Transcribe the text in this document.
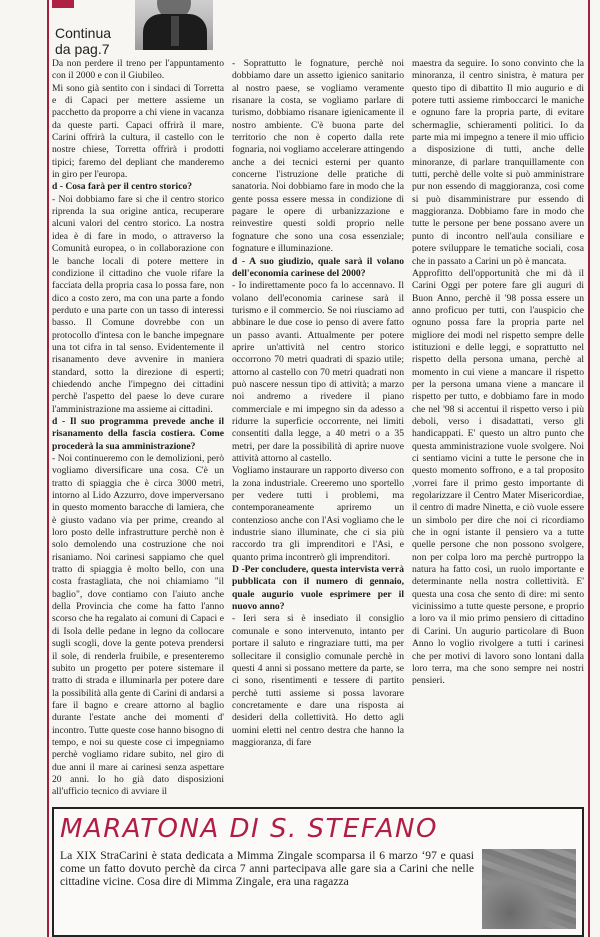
Continua
da pag.7

Da non perdere il treno per l'appuntamento con il 2000 e con il Giubileo.

Mi sono già sentito con i sindaci di Torretta e di Capaci per mettere assieme un pacchetto da proporre a chi viene in vacanza da queste parti. Capaci offrirà il mare, Carini offrirà la cultura, il castello con le nostre chiese, Torretta offrirà i prodotti tipici; faremo del depliant che manderemo in giro per l'europa.

d - Cosa farà per il centro storico?

- Noi dobbiamo fare si che il centro storico riprenda la sua origine antica, recuperare alcuni valori del centro storico. La nostra idea è di fare in modo, o attraverso la Comunità europea, o in collaborazione con le banche locali di potere mettere in condizione il cittadino che vuole rifare la facciata della propria casa lo possa fare, non dico a costo zero, ma con una parte a fondo perduto e una parte con un tasso di interessi basso. Il Comune dovrebbe con un protocollo d'intesa con le banche impegnare una tot cifra in tal senso. Evidentemente il risanamento deve avvenire in maniera standard, sotto la direzione di esperti; chiedendo anche l'impegno dei cittadini perchè l'aspetto del paese lo deve curare l'amministrazione ma assieme ai cittadini.

d - Il suo programma prevede anche il risanamento della fascia costiera. Come procederà la sua amministrazione?

- Noi continueremo con le demolizioni, però vogliamo diversificare una cosa. C'è un tratto di spiaggia che è circa 3000 metri, intorno al Lido Azzurro, dove imperversano in questo momento baracche di lamiera, che è giusto vadano via per prime, creando al loro posto delle infrastrutture perchè non è solo demolendo una costruzione che noi risaniamo. Noi carinesi sappiamo che quel tratto di spiaggia è molto bello, con una costa frastagliata, che noi chiamiamo "il baglio", dove contiamo con l'aiuto anche della Provincia che come ha fatto l'anno scorso che ha regalato ai comuni di Capaci e di Isola delle pedane in legno da collocare sugli scogli, dove la gente poteva prendersi il sole, di renderla fruibile, e presenteremo subito un progetto per potere sistemare il tratto di strada e illuminarla per potere dare la possibilità alla gente di Carini di andarsi a fare il bagno e creare attorno al baglio durante l'estate anche dei momenti d' incontro. Tutte queste cose hanno bisogno di tempo, e noi su queste cose ci impegniamo perchè vogliamo ridare subito, nel giro di due anni il mare ai carinesi senza aspettare 20 anni. Io ho già dato disposizioni all'ufficio tecnico di avviare il

- Soprattutto le fognature, perchè noi dobbiamo dare un assetto igienico sanitario al nostro paese, se vogliamo veramente risanare la costa, se vogliamo parlare di turismo, dobbiamo risanare igienicamente il nostro ambiente. C'è buona parte del territorio che non è coperto dalla rete fognaria, noi vogliamo accelerare attingendo anche a dei tecnici esterni per quanto concerne l'istruzione delle pratiche di sanatoria. Noi dobbiamo fare in modo che la gente possa essere messa in condizione di pagare le opere di urbanizzazione e reinvestire questi soldi proprio nelle fognature che sono una cosa essenziale; fognature e illuminazione.

d - A suo giudizio, quale sarà il volano dell'economia carinese del 2000?

- Io indirettamente poco fa lo accennavo. Il volano dell'economia carinese sarà il turismo e il commercio. Se noi riusciamo ad abbinare le due cose io penso di avere fatto un passo avanti. Attualmente per potere aprire un'attività nel centro storico occorrono 70 metri quadrati di spazio utile; attorno al castello con 70 metri quadrati non può nascere nessun tipo di attività; a marzo noi andremo a rivedere il piano commerciale e mi impegno sin da adesso a ridurre la superficie occorrente, nei limiti consentiti dalla legge, a 40 metri o a 35 metri, per dare la possibilità di aprire nuove attività attorno al castello.

Vogliamo instaurare un rapporto diverso con la zona industriale. Creeremo uno sportello per vedere tutti i problemi, ma contemporaneamente apriremo un contenzioso anche con l'Asi vogliamo che le industrie siano illuminate, che ci sia più raccordo tra gli imprenditori e l'Asi, e quanto prima incontrerò gli imprenditori.

D -Per concludere, questa intervista verrà pubblicata con il numero di gennaio, quale augurio vuole esprimere per il nuovo anno?

- Ieri sera si è insediato il consiglio comunale e sono intervenuto, intanto per portare il saluto e ringraziare tutti, ma per sollecitare il consiglio comunale perchè in questi 4 anni si possano mettere da parte, se ci sono, risentimenti e tessere di partito perchè tutti assieme si possa lavorare concretamente e dare una risposta ai desideri della collettività. Ho detto agli uomini eletti nel centro destra che hanno la maggioranza, di fare

maestra da seguire. Io sono convinto che la minoranza, il centro sinistra, è matura per questo tipo di dibattito Il mio augurio e di potere tutti assieme rimboccarci le maniche e ognuno fare la propria parte, di evitare schermaglie, schieramenti politici. Io da parte mia mi impegno a tenere il mio ufficio a disposizione di tutti, anche delle minoranze, di parlare tranquillamente con tutti, perchè delle volte si può amministrare pur non essendo di maggioranza, così come si può disamministrare pur essendo di maggioranza. Dobbiamo fare in modo che tutte le persone per bene possano avere un punto di incontro nell'aula consiliare e potere sviluppare le tematiche sociali, cosa che in passato a Carini un pò è mancata.

Approfitto dell'opportunità che mi dà il Carini Oggi per potere fare gli auguri di Buon Anno, perchè il '98 possa essere un anno proficuo per tutti, con l'auspicio che ognuno possa fare la propria parte nel migliore dei modi nel rispetto sempre delle istituzioni e delle leggi, e soprattutto nel rispetto della persona umana, perchè al momento in cui viene a mancare il rispetto per la persona umana viene a mancare il rispetto per tutto, e dobbiamo fare in modo che nel '98 si accentui il rispetto verso i più deboli, verso i disadattati, verso gli handicappati. E' questo un altro punto che questa amministrazione vuole svolgere. Noi ci sentiamo vicini a tutte le persone che in questo momento soffrono, e a tal proposito ,vorrei fare il primo gesto importante di regolarizzare il Centro Mater Misericordiae, il centro di madre Ninetta, e ciò vuole essere un simbolo per dire che noi ci ricordiamo che in ogni istante il pensiero va a tutte quelle persone che non possono svolgere, non per colpa loro ma perchè purtroppo la natura ha fatto così, un ruolo importante e determinante nella nostra collettività. E' questa una cosa che sento di dire: mi sento vicinissimo a tutte queste persone, e proprio a loro va il mio primo pensiero di cittadino di Carini. Un augurio particolare di Buon Anno lo voglio rivolgere a tutti i carinesi che per motivi di lavoro sono lontani dalla loro terra, ma che sono sempre nei nostri pensieri.

MARATONA DI S. STEFANO
La XIX StraCarini è stata dedicata a Mimma Zingale scomparsa il 6 marzo ‘97 e quasi come un fatto dovuto perchè da circa 7 anni partecipava alle gare sia a Carini che nelle cittadine vicine. Cosa dire di Mimma Zingale, era una ragazza
